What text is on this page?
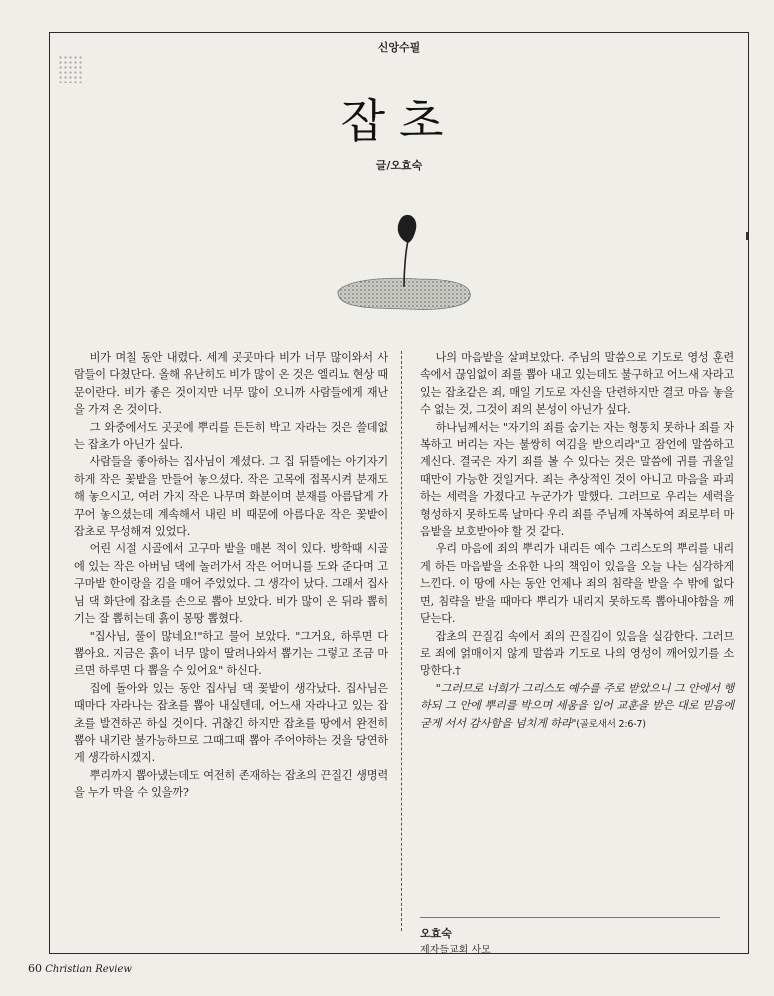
신앙수필
잡초
글/오효숙

비가 며칠 동안 내렸다. 세계 곳곳마다 비가 너무 많이와서 사람들이 다쳤단다. 올해 유난히도 비가 많이 온 것은 엘리뇨 현상 때문이란다. 비가 좋은 것이지만 너무 많이 오니까 사람들에게 재난을 가져 온 것이다.

그 와중에서도 곳곳에 뿌리를 든든히 박고 자라는 것은 쓸데없는 잡초가 아닌가 싶다.

사람들을 좋아하는 집사님이 계셨다. 그 집 뒤뜰에는 아기자기하게 작은 꽃밭을 만들어 놓으셨다. 작은 고목에 접목시켜 분재도 해 놓으시고, 여러 가지 작은 나무며 화분이며 분재를 아름답게 가꾸어 놓으셨는데 계속해서 내린 비 때문에 아름다운 작은 꽃밭이 잡초로 무성해져 있었다.

어린 시절 시골에서 고구마 밭을 매본 적이 있다. 방학때 시골에 있는 작은 아버님 댁에 놀러가서 작은 어머니를 도와 준다며 고구마밭 한이랑을 김을 매어 주었었다. 그 생각이 났다. 그래서 집사님 댁 화단에 잡초를 손으로 뽑아 보았다. 비가 많이 온 뒤라 뽑히기는 잘 뽑히는데 흙이 몽땅 뽑혔다.

"집사님, 풀이 많네요!"하고 물어 보았다. "그거요, 하루면 다 뽑아요. 지금은 흙이 너무 많이 딸려나와서 뽑기는 그렇고 조금 마르면 하루면 다 뽑을 수 있어요" 하신다.

집에 돌아와 있는 동안 집사님 댁 꽃밭이 생각났다. 집사님은 때마다 자라나는 잡초를 뽑아 내실텐데, 어느새 자라나고 있는 잡초를 발견하곤 하실 것이다. 귀찮긴 하지만 잡초를 땅에서 완전히 뽑아 내기란 불가능하므로 그때그때 뽑아 주어야하는 것을 당연하게 생각하시겠지.

뿌리까지 뽑아냈는데도 여전히 존재하는 잡초의 끈질긴 생명력을 누가 막을 수 있을까?

나의 마음밭을 살펴보았다. 주님의 말씀으로 기도로 영성 훈련 속에서 끊임없이 죄를 뽑아 내고 있는데도 불구하고 어느새 자라고 있는 잡초같은 죄, 매일 기도로 자신을 단련하지만 결코 마음 놓을 수 없는 것, 그것이 죄의 본성이 아닌가 싶다.

하나님께서는 "자기의 죄를 숨기는 자는 형통치 못하나 죄를 자복하고 버리는 자는 불쌍히 여김을 받으리라"고 잠언에 말씀하고 계신다. 결국은 자기 죄를 볼 수 있다는 것은 말씀에 귀를 귀울일 때만이 가능한 것일거다. 죄는 추상적인 것이 아니고 마음을 파괴하는 세력을 가졌다고 누군가가 말했다. 그러므로 우리는 세력을 형성하지 못하도록 날마다 우리 죄를 주님께 자복하여 죄로부터 마음밭을 보호받아야 할 것 같다.

우리 마음에 죄의 뿌리가 내리든 예수 그리스도의 뿌리를 내리게 하든 마음밭을 소유한 나의 책임이 있음을 오늘 나는 심각하게 느낀다. 이 땅에 사는 동안 언제나 죄의 침략을 받을 수 밖에 없다면, 침략을 받을 때마다 뿌리가 내리지 못하도록 뽑아내야함을 깨닫는다.

잡초의 끈질김 속에서 죄의 끈질김이 있음을 실감한다. 그러므로 죄에 얽매이지 않게 말씀과 기도로 나의 영성이 깨어있기를 소망한다.†

"그러므로 너희가 그리스도 예수를 주로 받았으니 그 안에서 행하되 그 안에 뿌리를 박으며 세움을 입어 교훈을 받은 대로 믿음에 굳게 서서 감사함을 넘치게 하라"(골로새서 2:6-7)

오효숙
제자들교회 사모
60 Christian Review
